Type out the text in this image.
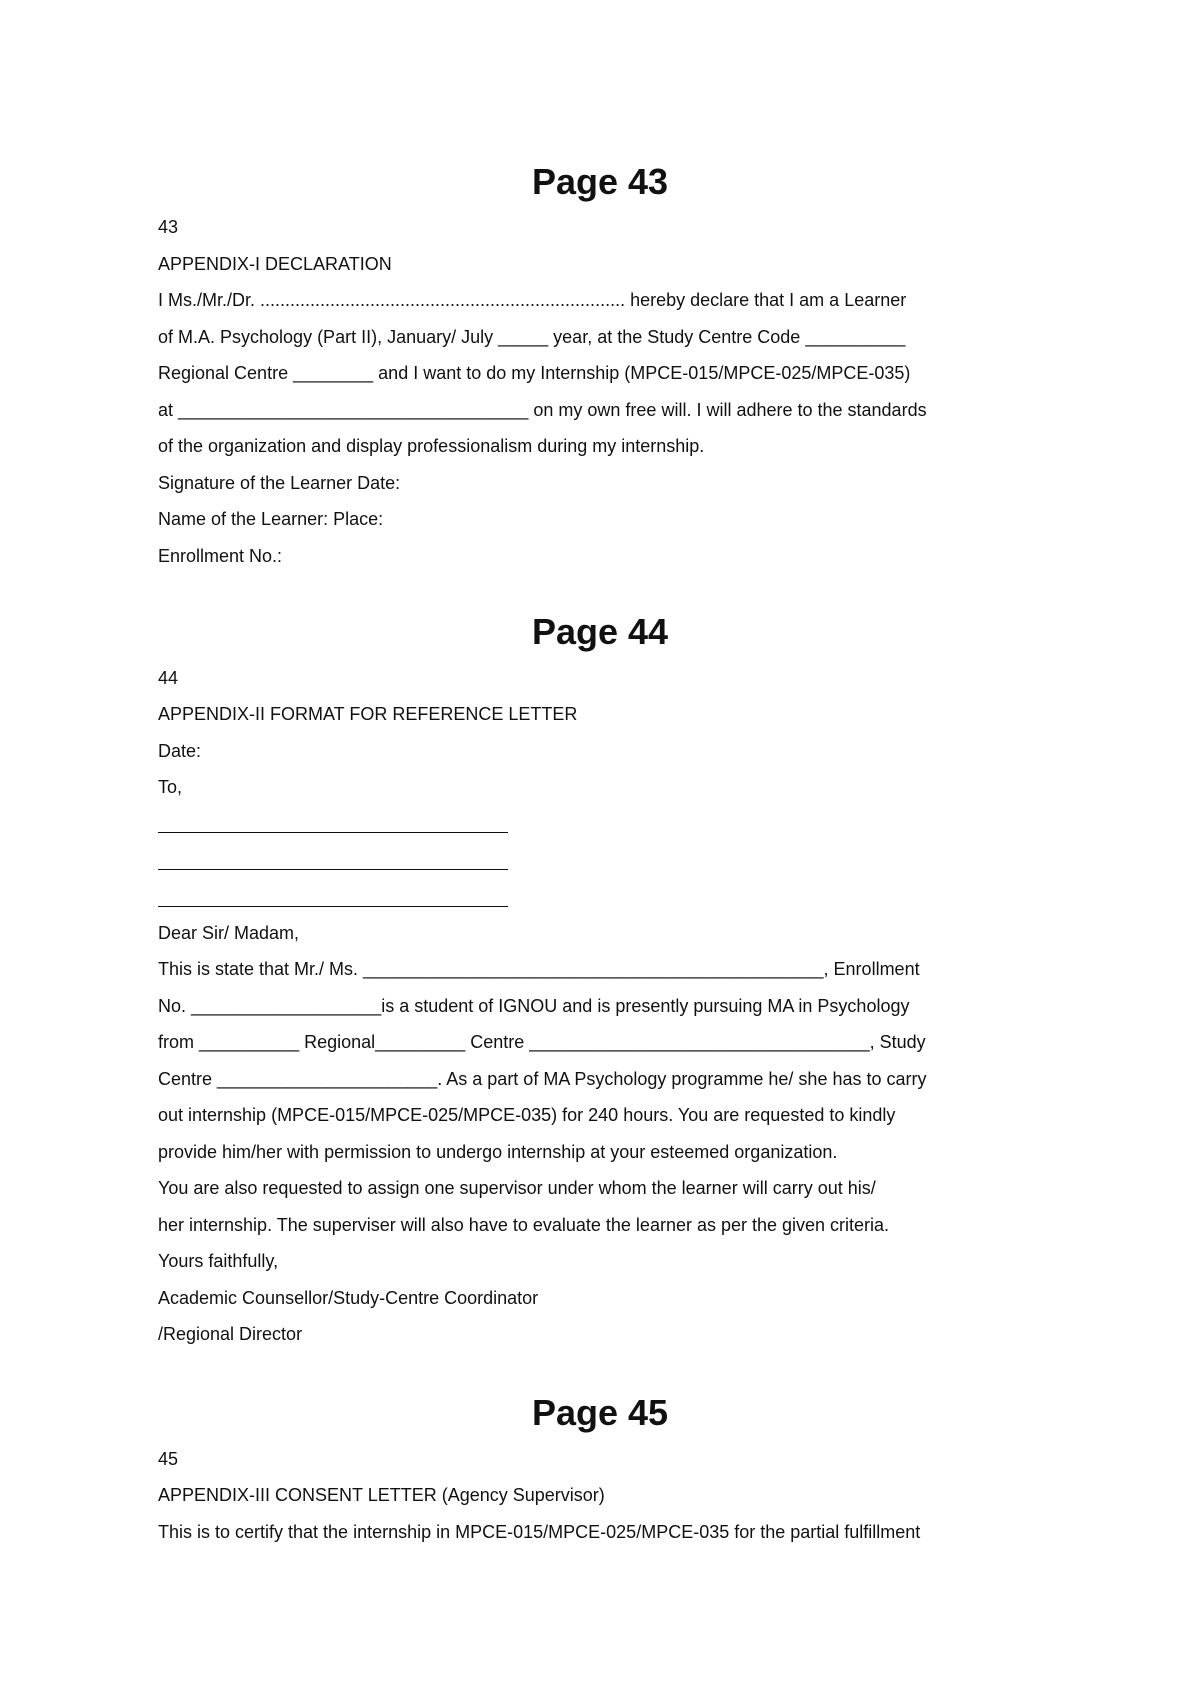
Page 43

43

APPENDIX-I DECLARATION

I Ms./Mr./Dr. ......................................................................... hereby declare that I am a Learner

of M.A. Psychology (Part II), January/ July _____ year, at the Study Centre Code __________

Regional Centre ________ and I want to do my Internship (MPCE-015/MPCE-025/MPCE-035)

at ___________________________________ on my own free will. I will adhere to the standards

of the organization and display professionalism during my internship.

Signature of the Learner Date:

Name of the Learner: Place:

Enrollment No.:

Page 44

44

APPENDIX-II FORMAT FOR REFERENCE LETTER

Date:

To,

Dear Sir/ Madam,

This is state that Mr./ Ms. ______________________________________________, Enrollment

No. ___________________is a student of IGNOU and is presently pursuing MA in Psychology

from __________ Regional_________ Centre __________________________________, Study

Centre ______________________. As a part of MA Psychology programme he/ she has to carry

out internship (MPCE-015/MPCE-025/MPCE-035) for 240 hours. You are requested to kindly

provide him/her with permission to undergo internship at your esteemed organization.

You are also requested to assign one supervisor under whom the learner will carry out his/

her internship. The superviser will also have to evaluate the learner as per the given criteria.

Yours faithfully,

Academic Counsellor/Study-Centre Coordinator

/Regional Director

Page 45

45

APPENDIX-III CONSENT LETTER (Agency Supervisor)

This is to certify that the internship in MPCE-015/MPCE-025/MPCE-035 for the partial fulfillment
